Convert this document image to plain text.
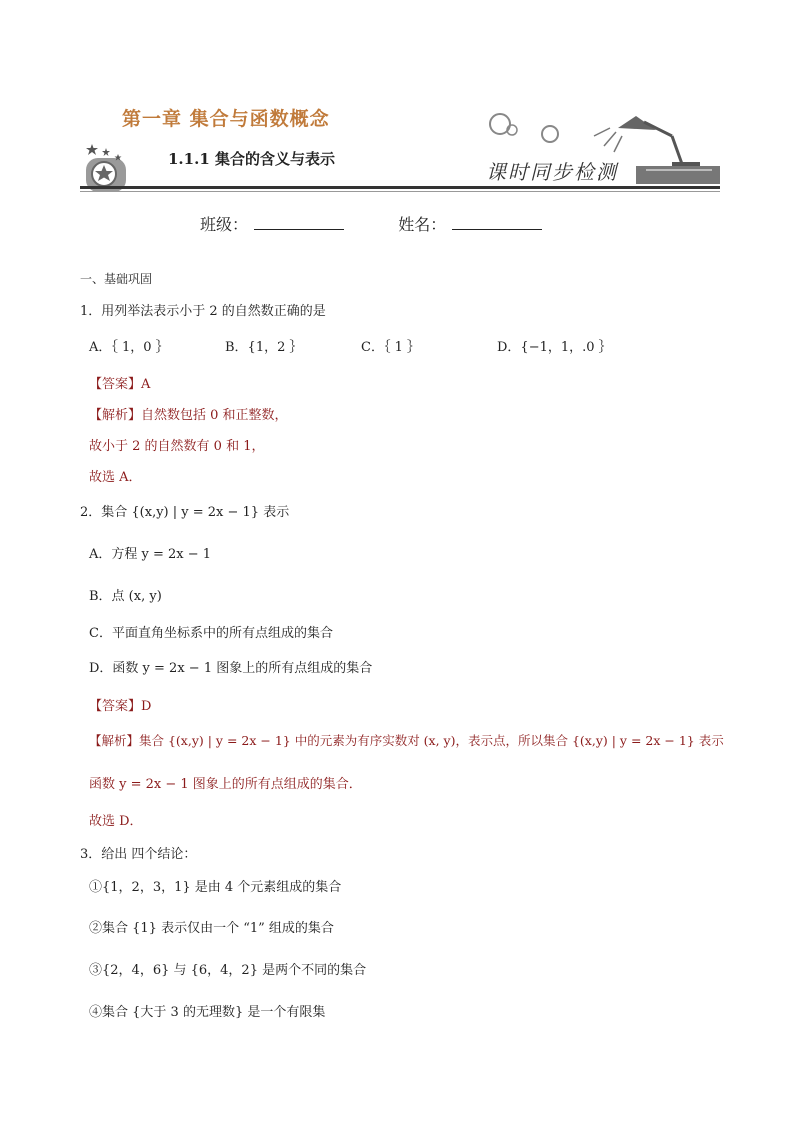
第一章 集合与函数概念
1.1.1 集合的含义与表示
课时同步检测
班级：	姓名：
一、基础巩固
1．用列举法表示小于 2 的自然数正确的是
A．｛ 1，0 ｝	B．{1，2 ｝	C．｛ 1 ｝	D．{−1，1，.0 ｝
【答案】A
【解析】自然数包括 0 和正整数，
故小于 2 的自然数有 0 和 1，
故选 A．
2．集合 {(x,y) | y = 2x − 1} 表示
A．方程 y = 2x − 1
B．点 (x, y)
C．平面直角坐标系中的所有点组成的集合
D．函数 y = 2x − 1 图象上的所有点组成的集合
【答案】D
【解析】集合 {(x,y) | y = 2x − 1} 中的元素为有序实数对 (x, y)，表示点，所以集合 {(x,y) | y = 2x − 1} 表示
函数 y = 2x − 1 图象上的所有点组成的集合．
故选 D．
3．给出 四个结论：
①{1，2，3，1} 是由 4 个元素组成的集合
②集合 {1} 表示仅由一个 “1” 组成的集合
③{2，4，6} 与 {6，4，2} 是两个不同的集合
④集合 {大于 3 的无理数} 是一个有限集
